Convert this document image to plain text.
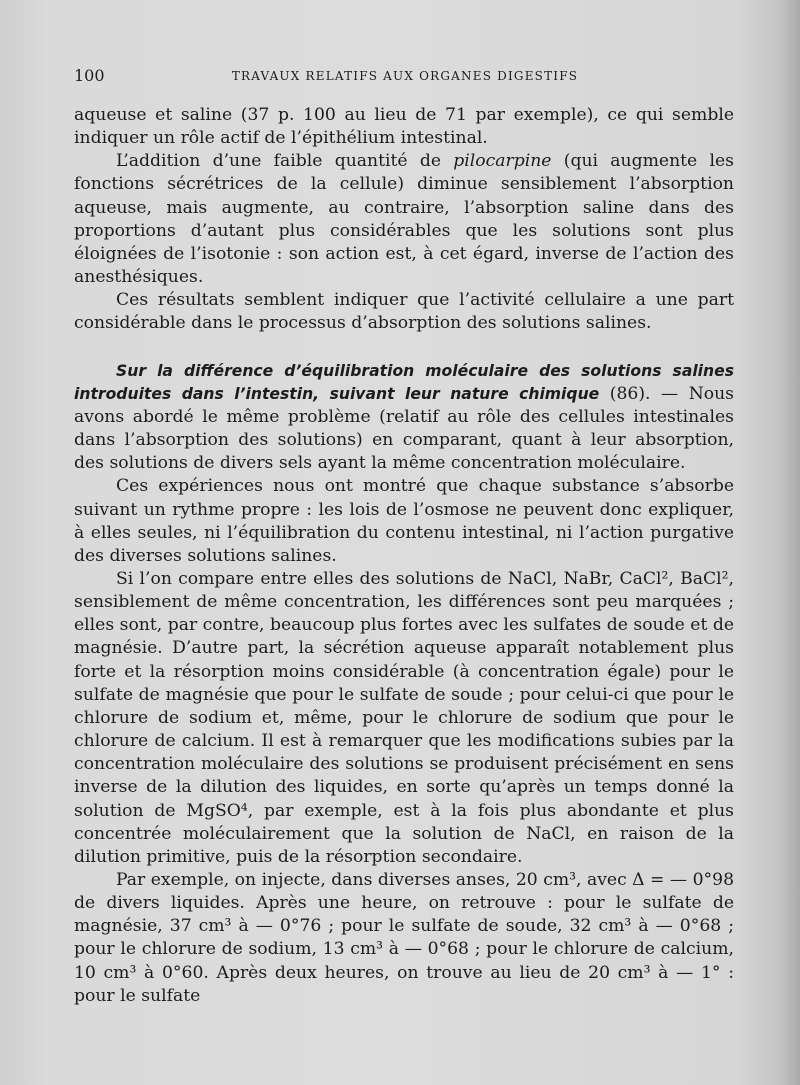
100	TRAVAUX RELATIFS AUX ORGANES DIGESTIFS

aqueuse et saline (37 p. 100 au lieu de 71 par exemple), ce qui semble indiquer un rôle actif de l’épithélium intestinal.

L’addition d’une faible quantité de pilocarpine (qui augmente les fonctions sécrétrices de la cellule) diminue sensiblement l’absorption aqueuse, mais augmente, au contraire, l’absorption saline dans des proportions d’autant plus considérables que les solutions sont plus éloignées de l’isotonie : son action est, à cet égard, inverse de l’action des anesthésiques.

Ces résultats semblent indiquer que l’activité cellulaire a une part considérable dans le processus d’absorption des solutions salines.

Sur la différence d’équilibration moléculaire des solutions salines introduites dans l’intestin, suivant leur nature chimique (86). — Nous avons abordé le même problème (relatif au rôle des cellules intestinales dans l’absorption des solutions) en comparant, quant à leur absorption, des solutions de divers sels ayant la même concentration moléculaire.

Ces expériences nous ont montré que chaque substance s’absorbe suivant un rythme propre : les lois de l’osmose ne peuvent donc expliquer, à elles seules, ni l’équilibration du contenu intestinal, ni l’action purgative des diverses solutions salines.

Si l’on compare entre elles des solutions de NaCl, NaBr, CaCl², BaCl², sensiblement de même concentration, les différences sont peu marquées ; elles sont, par contre, beaucoup plus fortes avec les sulfates de soude et de magnésie. D’autre part, la sécrétion aqueuse apparaît notablement plus forte et la résorption moins considérable (à concentration égale) pour le sulfate de magnésie que pour le sulfate de soude ; pour celui-ci que pour le chlorure de sodium et, même, pour le chlorure de sodium que pour le chlorure de calcium. Il est à remarquer que les modifications subies par la concentration moléculaire des solutions se produisent précisément en sens inverse de la dilution des liquides, en sorte qu’après un temps donné la solution de MgSO⁴, par exemple, est à la fois plus abondante et plus concentrée moléculairement que la solution de NaCl, en raison de la dilution primitive, puis de la résorption secondaire.

Par exemple, on injecte, dans diverses anses, 20 cm³, avec Δ = — 0°98 de divers liquides. Après une heure, on retrouve : pour le sulfate de magnésie, 37 cm³ à — 0°76 ; pour le sulfate de soude, 32 cm³ à — 0°68 ; pour le chlorure de sodium, 13 cm³ à — 0°68 ; pour le chlorure de calcium, 10 cm³ à 0°60. Après deux heures, on trouve au lieu de 20 cm³ à — 1° : pour le sulfate
